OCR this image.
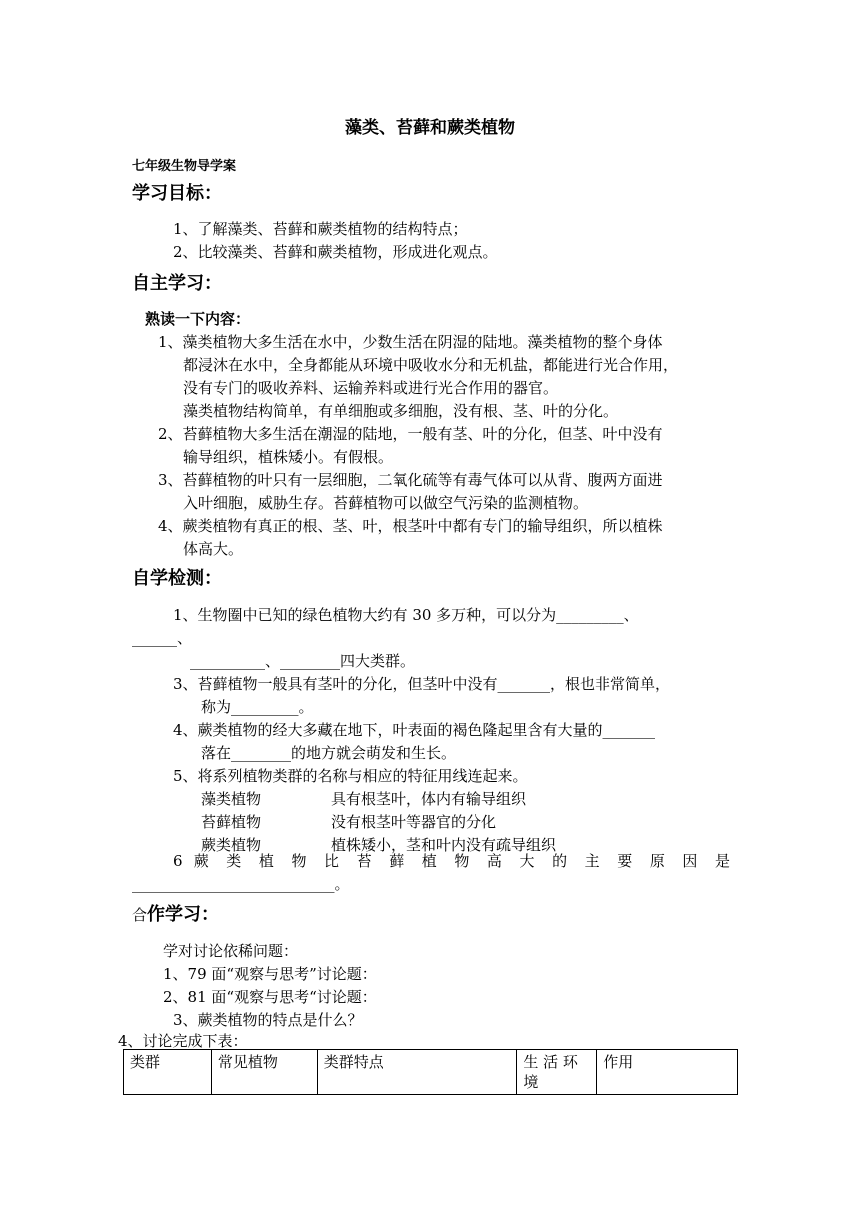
藻类、苔藓和蕨类植物
七年级生物导学案
学习目标：
1、了解藻类、苔藓和蕨类植物的结构特点；
2、比较藻类、苔藓和蕨类植物，形成进化观点。
自主学习：
熟读一下内容：
1、藻类植物大多生活在水中，少数生活在阴湿的陆地。藻类植物的整个身体
都浸沐在水中，全身都能从环境中吸收水分和无机盐，都能进行光合作用，
没有专门的吸收养料、运输养料或进行光合作用的器官。
藻类植物结构简单，有单细胞或多细胞，没有根、茎、叶的分化。
2、苔藓植物大多生活在潮湿的陆地，一般有茎、叶的分化，但茎、叶中没有
输导组织，植株矮小。有假根。
3、苔藓植物的叶只有一层细胞，二氧化硫等有毒气体可以从背、腹两方面进
入叶细胞，威胁生存。苔藓植物可以做空气污染的监测植物。
4、蕨类植物有真正的根、茎、叶，根茎叶中都有专门的输导组织，所以植株
体高大。
自学检测：
1、生物圈中已知的绿色植物大约有 30 多万种，可以分为_________、
______、
__________、________四大类群。
3、苔藓植物一般具有茎叶的分化，但茎叶中没有_______，根也非常简单，
称为_________。
4、蕨类植物的经大多藏在地下，叶表面的褐色隆起里含有大量的_______
落在________的地方就会萌发和生长。
5、将系列植物类群的名称与相应的特征用线连起来。
藻类植物	具有根茎叶，体内有输导组织
苔藓植物	没有根茎叶等器官的分化
蕨类植物	植株矮小，茎和叶内没有疏导组织
6 蕨 类 植 物 比 苔 藓 植 物 高 大 的 主 要 原 因 是
___________________________。
合作学习：
学对讨论依稀问题：
1、79 面“观察与思考”讨论题：
2、81 面“观察与思考“讨论题：
3、蕨类植物的特点是什么？
4、讨论完成下表：
类群	常见植物	类群特点	生 活 环 境	作用
